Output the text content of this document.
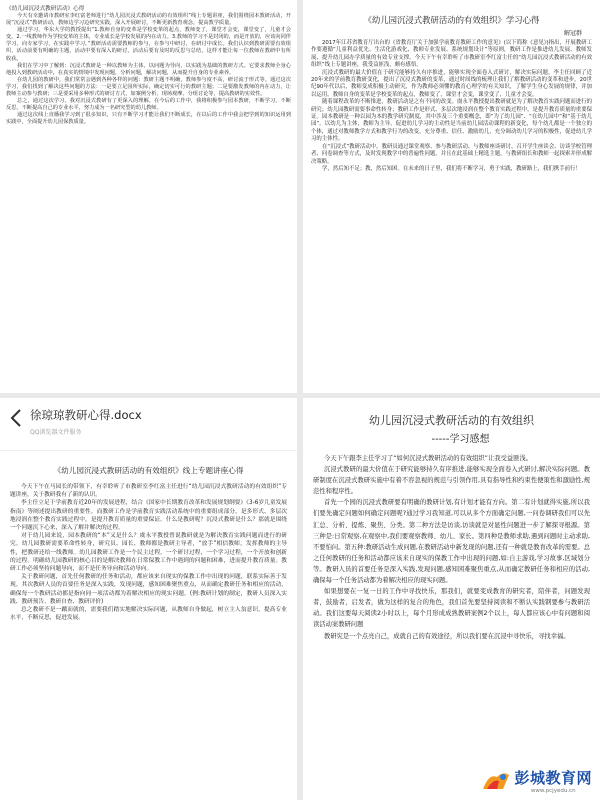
《幼儿园沉浸式教研活动》心得

今天有幸邀请市教研室李红富老师进行“幼儿园沉浸式教研活动的有效组织”线上专题讲座，我们围绕园本教研活动，开展“沉浸式”教研活动，教师边学习边研究实践，深入开展研讨，不断更新教育观念，提高教学质量。

通过学习，华东大学的教授提出“1.教师自身的变革是学校变革的起点，教师变了，课堂才会变，课堂变了，儿童才会变。2.一线教师作为学校变革的主体，专业成长是学校发展的内在动力。3.教师的学习不是封闭的，而是开放的，应该向同伴学习，向专家学习，在实践中学习。”教研活动需要教师的参与，在参与中研讨，在研讨中成长。我们认识到教研需要有效组织，活动前要有明确的主题，活动中要有深入的研讨，活动后要有及时的反思与总结，这样才能让每一位教师在教研中有所收获。

我们在学习中了解到：沉浸式教研是一种以教师为主体，以问题为导向，以实践为基础的教研方式。它要求教师全身心地投入到教研活动中，在真实的情境中发现问题，分析问题，解决问题，从而提升自身的专业素养。

在幼儿园的教研中，我们常常会遇到各种各样的问题：教研主题不明确，教师参与度不高，研讨流于形式等。通过这次学习，我们找到了解决这些问题的方法：一是要立足园所实际，确定切实可行的教研主题；二是要激发教师的内在动力，让教师主动参与教研；三是要采用多种形式的研讨方式，如案例分析、现场观摩、分组讨论等，提高教研的实效性。

总之，通过这次学习，我对沉浸式教研有了更深入的理解。在今后的工作中，我将积极参与园本教研，不断学习，不断反思，不断提高自己的专业水平，努力成为一名研究型的幼儿教师。

通过这次线上直播我学习到了很多知识，只有不断学习才能让我们不断成长，在以后的工作中我会把学到的知识运用到实践中，全面提升幼儿园保教质量。

《幼儿园沉浸式教研活动的有效组织》学习心得

解冠群

2017年江苏省教育厅出台的《省教育厅关于加强学前教育教研工作的意见》(以下简称《意见》)指出，开展教研工作要遵循“儿童利益优先、生活化游戏化、教师专业发展、系统规划设计”等原则，教研工作是推进幼儿发展、教师发展、提升幼儿园办学质量的有效专业支撑。今天下午有幸聆听了市教研室李红富主任的“幼儿园沉浸式教研活动的有效组织”线上专题讲座，我受益匪浅，颇有感悟。

沉浸式教研的最大价值在于研究能够持久有序推进，能够实现全面卷入式研讨，解决实际问题。李主任回顾了近20年来的学前教育教研变化，提出了沉浸式教研的变革，通过时间线的梳理让我们了解教研活动的变革和进步。20世纪90年代以后，教师变成积极主动研究，作为教师必须懂的教育心理学的有关知识，了解学生身心发展的规律，并加以运用。教师自身的变革是学校变革的起点，教师变了，课堂才会变，课堂变了，儿童才会变。

随着课程改革的不断推进，教研活动是之有不同的改变。虞永平教授提出教研就是为了解决教育实践问题而进行的研究；幼儿园教研需要事命性转身；教研工作是形式、多层次地浸润在整个教育实践过程中，是提升教育质量的重要保证。园本教研是一种以园为本的教学研究制度，其中涉及三个重要概念，即“为了幼儿园”、“在幼儿园中”和“基于幼儿园”。以幼儿为主体，教师为主导，促进幼儿学习的主动性是当前幼儿园活动课程的新变化，每个幼儿都是一个独立的个体，通过对教师教学方式和教学行为的改变，充分尊重、信任、激励幼儿，充分调动幼儿学习的积极性，促进幼儿学习的主体性。

在“沉浸式”教研活动中，教研员通过课堂观察、参与教研活动、与教师座谈研讨、召开学生座谈会、访谈学校管理者、问卷调查等方式，及时发现教学中的普遍性问题，并且在此基础上精选主题，与教研组长和教师一起探索并形成解决策略。

学，然后知不足；教，然后知困。在未来的日子里，我们将不断学习，勇于实践，教研路上，我们携手前行！

徐琼琼教研心得.docx
QQ浏览器文件服务

《幼儿园沉浸式教研活动的有效组织》线上专题讲座心得

今天下午在马园长的带领下，有幸聆听了市教研室李红富主任进行“幼儿园沉浸式教研活动的有效组织”专题讲座，关于教研我有了新的认识。

李主任立足于学前教育近20年的发展进程，结合《国家中长期教育改革和发展规划纲要》《3-6岁儿童发展指南》等阐述提出教研的重要性。而教研工作是学前教育实践活动系统中的重要组成部分，是多形式、多层次地浸润在整个教育实践过程中，是提升教育质量的重要保证。什么是教研呢？沉浸式教研是什么？那就是围绕一个问题沉下心来，深入了解并解决的过程。

对于幼儿园来说，园本教研的“本”又是什么？虞永平教授曾说教研就是为解决教育实践问题而进行的研究。幼儿园教研需要革命性转身，研究员、园长、教师都是教研主导者，“放手”相信教师，发挥教师的主导性，把教研还给一线教师。幼儿园教研工作是一个民主过程，一个研讨过程，一个学习过程，一个开放和创新的过程。明确幼儿园教研的核心目的是解决教师在日常保教工作中遇到的问题和困难，进而提升教育质量。教研工作必须坚持问题导向，而不是任务导向和活动导向。

关于教研问题，首先任何教研的任务和活动，都应该来自现实的保教工作中出现的问题，联系实际善于发现。其次教研人员的首要任务是深入实践，发现问题，感知困难聚焦重点，从而确定教研任务和相应的活动，确保每一个教研活动都是指向同一项活动都为着解决相应的现实问题。(例:教研计划的制定，教研人员深入实践、教研预告、教研自查、教研评价)

总之教研不是一蹴而就的，需要我们踏实地解决实际问题，从教师自身做起，树立主人翁意识，提高专业水平，不断反思，促进发展。

幼儿园沉浸式教研活动的有效组织

-----学习感想

今天下午跟李主任学习了“如何沉浸式教研活动的有效组织”让我受益匪浅。

沉浸式教研的最大价值在于研究能够持久有序推进,能够实现全面卷入式研讨,解决实际问题。教研制度在沉浸式教研实施中有着不容忽视的规范与引领作用,具有指导性和约束性便策性和激励性,规范性和程序性。

首先一个园的沉浸式教研要有明确的教研计划,有计划才能有方向。第二有计划就得实施,所以我们要先确定问题如何确定问题呢?通过学习我知道,可以从多个方面确定问题,一问卷调研我们可以先汇总、分析、提炼、聚焦、分类。第二种方法是访谈,访谈就是对显性问题进一步了解探寻根源。第三种是:日常观察,在观察中,我们要观察教师、幼儿、家长。第四种是教师求助,遇到问题时主动求助,不要怕问。第五种:教研活动生成问题,在教研活动中新发现的问题,还有一种就是教育改革的需要。总之任何教研的任务和活动都应该来自现实的保教工作中出现的问题,如:自主游戏,学习故事,区域划分等。教研人员的首要任务是深入实践,发现问题,感知困难聚焦重点,从而确定教研任务和相应的活动,确保每一个任务活动都为着解决相应的现实问题。

如果想要在一复一日的工作中寻找快乐，那我们，就要变成教育的研究者，陪伴者，问题发现者，鼓励者，启发者，做为这样的复合的角色，我们首先要坚持阅读和不断认实践钢要参与教研活动。我们这要每天阅读2小时以上，每个月形成成熟教研案例2个以上，每人都应该心中有问题和阅读活动案教研问题

教研究是一个点亮自己，成就自己的有效途径，所以我们要在沉浸中寻快乐，寻找幸福。

彭城教育网
www.pcjyedu.cn
